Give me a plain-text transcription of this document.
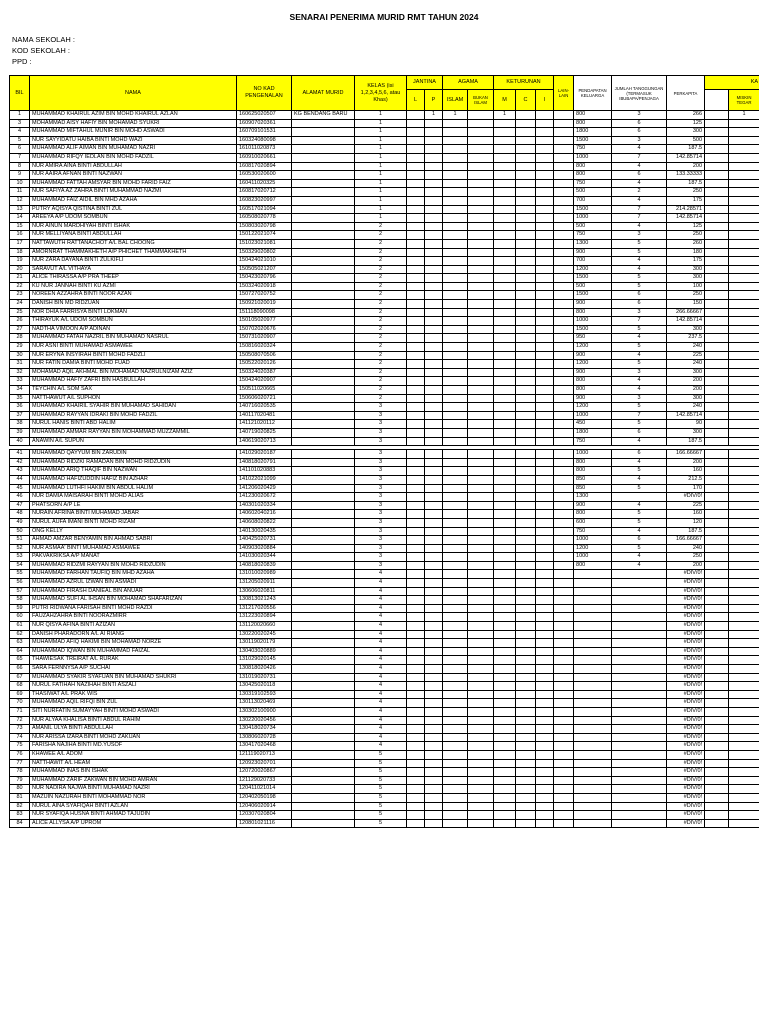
SENARAI PENERIMA MURID RMT TAHUN 2024
NAMA SEKOLAH :
KOD SEKOLAH :
PPD :
BIL	NAMA	NO KAD PENGENALAN	ALAMAT MURID	KELAS (isi 1,2,3,4,5,6, atau Khas)	JANTINA		AGAMA		KETURUNAN			LAIN-LAIN	PENDAPATAN KELUARGA	JUMLAH TANGGUNGAN (TERMASUK IBUBAPA/PENJAGA	PERKAPITA	KA	
					L	P	ISLAM	BUKAN ISLAM	M	C	I						MISKIN TEGAR
1	MUHAMMAD KHAIRUL AZIM BIN MOHD KHAIRUL AZLAN	160625020507	KG BENDANG BARU	1		1	1		1				800	3	266		1
3	MOHAMMAD AISY HAFIY BIN MOHAMAD SYUKRI	160907020361		1									800	6	125		
4	MUHAMMAD MIFTAHUL MUNIR BIN MOHD ASWADI	160709101531		1									1800	6	300		
5	NUR SAYYIDATU HAIBA BINTI MOHD WAZI	160324080098		1									1500	3	500		
6	MUHAMMAD ALIF AIMAN BIN MUHAMAD NAZRI	161011020873		1									750	4	187.5		
7	MUHAMMAD RIFQY IEDLAN BIN MOHD FADZIL	160910020661		1									1000	7	142.85714		
8	NUR AMIRA AINA BINTI ABDULLAH	160817020894		1									800	4	200		
9	NUR AAIRA AFNAN BINTI NAZWAN	160530020600		1									800	6	133.33333		
10	MUHAMMAD FATTAH AMSYAR BIN MOHD FARID FAIZ	160411020325		1									750	4	187.5		
11	NUR SAFIYA AZ ZAHRA BINTI MUHAMMAD NAZMI	160817020712		1									500	2	250		
12	MUHAMMAD FAIZ AIDIL BIN MHD AZAHA	160823020997		1									700	4	175		
13	PUTRY AQISYA QISTINA BINTI ZUL	160517021094		1									1500	7	214.28571		
14	AREEYA A/P UDOM SOMBUN	160508020778		1									1000	7	142.85714		
15	NUR AINUN MARDHIYAH BINTI ISHAK	150803020798		2									500	4	125		
16	NUR MELLIYANA BINTI ABDULLAH	150122021074		2									750	3	250		
17	NATTAWUTH RATTANACHOT A/L BAL CHOONG	151023021081		2									1300	5	260		
18	AMORNRAT THAMMAKHETH A/P PHICHET THAMMAKHETH	150329020802		2									900	5	180		
19	NUR ZARA DAYANA BINTI ZULKIFLI	150424021010		2									700	4	175		
20	SARAVUT A/L VITHAYA	150505021207		2									1200	4	300		
21	ALICE THIRASSA A/P PRA THEEP	150423020796		2									1500	5	300		
22	KU NUR JANNAH BINTI KU AZMI	150324020918		2									500	5	100		
23	NOREEN AZZAHRA BINTI NOOR AZAN	150727020752		2									1500	6	250		
24	DANISH BIN MD RIDZUAN	150921020019		2									900	6	150		
25	NOR DHIA FARRISYA BINTI LOKMAN	151118090098		2									800	3	266.66667		
26	THIRAYUK A/L UDOM SOMBUN	150105020977		2									1000	7	142.85714		
27	NADTHA VIMOON A/P ADINAN	150702020676		2									1500	5	300		
28	MUHAMMAD FATAH NAZRIL BIN MUHAMAD NASRUL	150731020907		2									950	4	237.5		
29	NUR ASNI BINTI MUHAMAD ASMAWEE	150816020324		2									1200	5	240		
30	NUR ERYNA INSYIRAH BINTI MOHD FADZLI	150508070506		2									900	4	225		
31	NUR FATIN DAMIA BINTI MOHD FUAD	150522020126		2									1200	5	240		
32	MOHAMAD AQIL AKHMAL BIN MOHAMAD NAZRULNIZAM AZIZ	150324020387		2									900	3	300		
33	MUHAMMAD HAFIY ZAFRI BIN HASBULLAH	150424020907		2									800	4	200		
34	TEYCHIN A/L SOM SAX	150511020665		2									800	4	200		
35	NATTHAWUT A/L SUPHON	150606020721		2									900	3	300		
36	MUHAMMAD KHAIRIL SYAHIR BIN MUHAMAD SAHIDAN	140716020535		3									1200	5	240		
37	MUHAMMAD RAYYAN IDRAKI BIN MOHD FADZIL	140117020481		3									1000	7	142.85714		
38	NURUL HANIS BINTI ABD HALIM	141121020112		3									450	5	90		
39	MUHAMMAD AMMAR RAYYAN BIN MOHAMMAD MUZZAMMIL	140719020825		3									1800	6	300		
40	ANAWIN A/L SUPUN	140619020713		3									750	4	187.5		

41	MUHAMMAD QAYYUM BIN ZARUDIN	141029020187		3									1000	6	166.66667		
42	MUHAMMAD RIDZKI RAMADAN BIN MOHD RIDZUDIN	140818020791		3									800	4	200		
43	MUHAMMAD ARIQ THAQIF BIN NAZWAN	141101020883		3									800	5	160		
44	MUHAMMAD HAFIZUDDIN HAFIZ BIN AZHAR	141022021099		3									850	4	212.5		
45	MUHAMMAD LUTHFI HAKIM BIN ABDUL HALIM	141206020429		3									850	5	170		
46	NUR DAMIA MAISARAH BINTI MOHD ALIAS	141230020672		3									1300		#DIV/0!		
47	PHATSORN A/P LE	140301020334		3									900	4	225		
48	NURAIN AFRINA BINTI MUHAMAD JABAR	140602040216		3									800	5	160		
49	NURUL AUFA IMANI BINTI MOHD RIZAM	140608020822		3									600	5	120		
50	ONG KELLY	140130020435		3									750	4	187.5		
51	AHMAD AMZAR BENYAMIN BIN AHMAD SABRI	140425020731		3									1000	6	166.66667		
52	NUR ASMAA' BINTI MUHAMAD ASMAWEE	140903020884		3									1200	5	240		
53	PAKVAKRIKSA A/P MANAT	141030020344		3									1000	4	250		
54	MUHAMMAD RIDZMI RAYYAN BIN MOHD RIDZUDIN	140818020839		3									800	4	200		
55	MUHAMMAD FARHAN TAUFIQ BIN MHD AZAHA	131010020989		4											#DIV/0!		
56	MUHAMMAD AZRUL IZWAN BIN ASMADI	131205020911		4											#DIV/0!		
57	MUHAMMAD FIRASH DANIEAL BIN ANUAR	130606020811		4											#DIV/0!		
58	MUHAMMAD SUFI AL IHSAN BIN MOHAMAD SHAFARIZAN	130813021243		4											#DIV/0!		
59	PUTRI RIDWANA FARISAH BINTI MOHD RAZDI	131217020556		4											#DIV/0!		
60	FAUZAHZAHRA BINTI NOORAZMIRR	131223020894		4											#DIV/0!		
61	NUR QISYA AFINA BINTI AZIZAN	131120020660		4											#DIV/0!		
62	DANISH PHARADORN A/L AI RIANG	130220020245		4											#DIV/0!		
63	MUHAMMAD AFIQ HAKIMI BIN MOHAMAD NORZE	130119020179		4											#DIV/0!		
64	MUHAMMAD IQWAN BIN MUHAMMAD FAIZAL	130403020889		4											#DIV/0!		
65	THAWIESAK TREIRAT A/L RURAK	131029020145		4											#DIV/0!		
66	SARA FERNNYSA A/P SUCHAI	130818020426		4											#DIV/0!		
67	MUHAMMAD SYAKIR SYAFUAN BIN MUHAMAD SHUKRI	131019020731		4											#DIV/0!		
68	NURUL FATIHAH NAZIHAH BINTI ASZALI	130425020118		4											#DIV/0!		
69	THASIWAT A/L PRAK WIS	130319102593		4											#DIV/0!		
70	MUHAMMAD AQIL RIFQI BIN ZUL	130113020469		4											#DIV/0!		
71	SITI NURFATIN SUMAYYAH BINTI MOHD ASWADI	130302100900		4											#DIV/0!		
72	NUR ALYAA KHALISA BINTI ABDUL RAHIM	130220020456		4											#DIV/0!		
73	AMANIL ULYA BINTI ABDULLAH	130418020734		4											#DIV/0!		
74	NUR ARISSA IZARA BINTI MOHD ZAKUAN	130806020728		4											#DIV/0!		
75	FARISHA NAJIHA BINTI MD.YUSOF	130417020468		4											#DIV/0!		
76	KHAWEE A/L ADOM	121119020713		5											#DIV/0!		
77	NATTHAWIT A/L HEAM	120923020701		5											#DIV/0!		
78	MUHAMMAD INAS BIN ISHAK	120720020867		5											#DIV/0!		
79	MUHAMMAD ZARIF ZAKWAN BIN MOHD AMRAN	121129020733		5											#DIV/0!		
80	NUR NADIRA NAJWA BINTI MUHAMAD NAZRI	120411021014		5											#DIV/0!		
81	MAZUIN NAZURAH BINTI MOHAMMAD NOR	120402050198		5											#DIV/0!		
82	NURUL AINA SYAFIQAH BINTI AZLAN	120406020914		5											#DIV/0!		
83	NUR SYAFIQA HUSNA BINTI AHMAD TAJUDIN	120307020804		5											#DIV/0!		
84	ALICE ALLYSA A/P UPROM	120801021116		5											#DIV/0!		
